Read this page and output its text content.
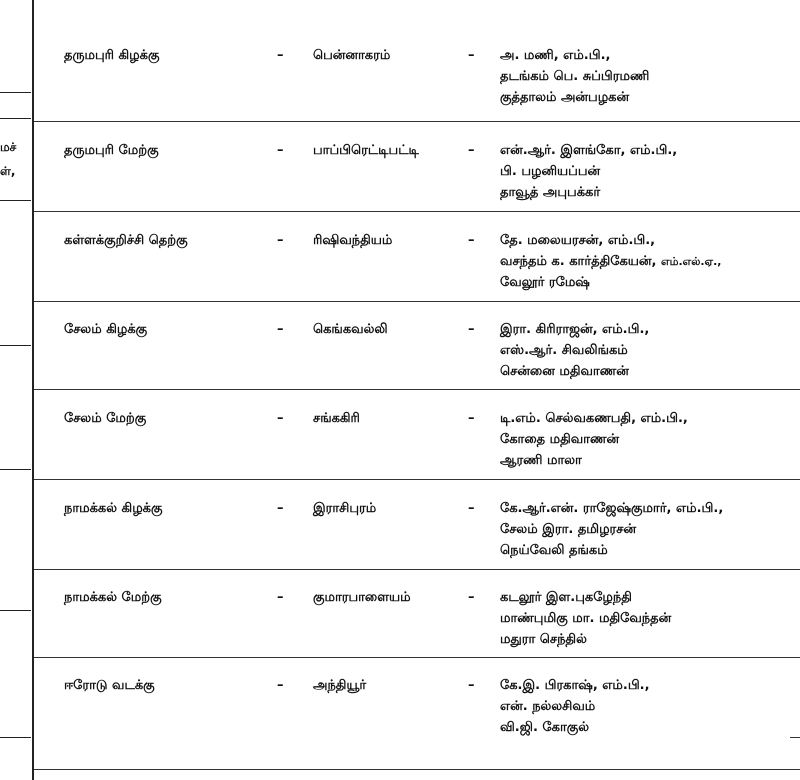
மச்
ள்,
தருமபுரி கிழக்கு	– பென்னாகரம்	– அ. மணி, எம்.பி.,
தடங்கம் பெ. சுப்பிரமணி
குத்தாலம் அன்பழகன்
தருமபுரி மேற்கு	– பாப்பிரெட்டிபட்டி	– என்.ஆர். இளங்கோ, எம்.பி.,
பி. பழனியப்பன்
தாவூத் அபுபக்கர்
கள்ளக்குறிச்சி தெற்கு	– ரிஷிவந்தியம்	– தே. மலையரசன், எம்.பி.,
வசந்தம் க. கார்த்திகேயன், எம்.எல்.ஏ.,
வேலூர் ரமேஷ்
சேலம் கிழக்கு	– கெங்கவல்லி	– இரா. கிரிராஜன், எம்.பி.,
எஸ்.ஆர். சிவலிங்கம்
சென்னை மதிவாணன்
சேலம் மேற்கு	– சங்ககிரி	– டி.எம். செல்வகணபதி, எம்.பி.,
கோதை மதிவாணன்
ஆரணி மாலா
நாமக்கல் கிழக்கு	– இராசிபுரம்	– கே.ஆர்.என். ராஜேஷ்குமார், எம்.பி.,
சேலம் இரா. தமிழரசன்
நெய்வேலி தங்கம்
நாமக்கல் மேற்கு	– குமாரபாளையம்	– கடலூர் இள.புகழேந்தி
மாண்புமிகு மா. மதிவேந்தன்
மதுரா செந்தில்
ஈரோடு வடக்கு	– அந்தியூர்	– கே.இ. பிரகாஷ், எம்.பி.,
என். நல்லசிவம்
வி.ஜி. கோகுல்
